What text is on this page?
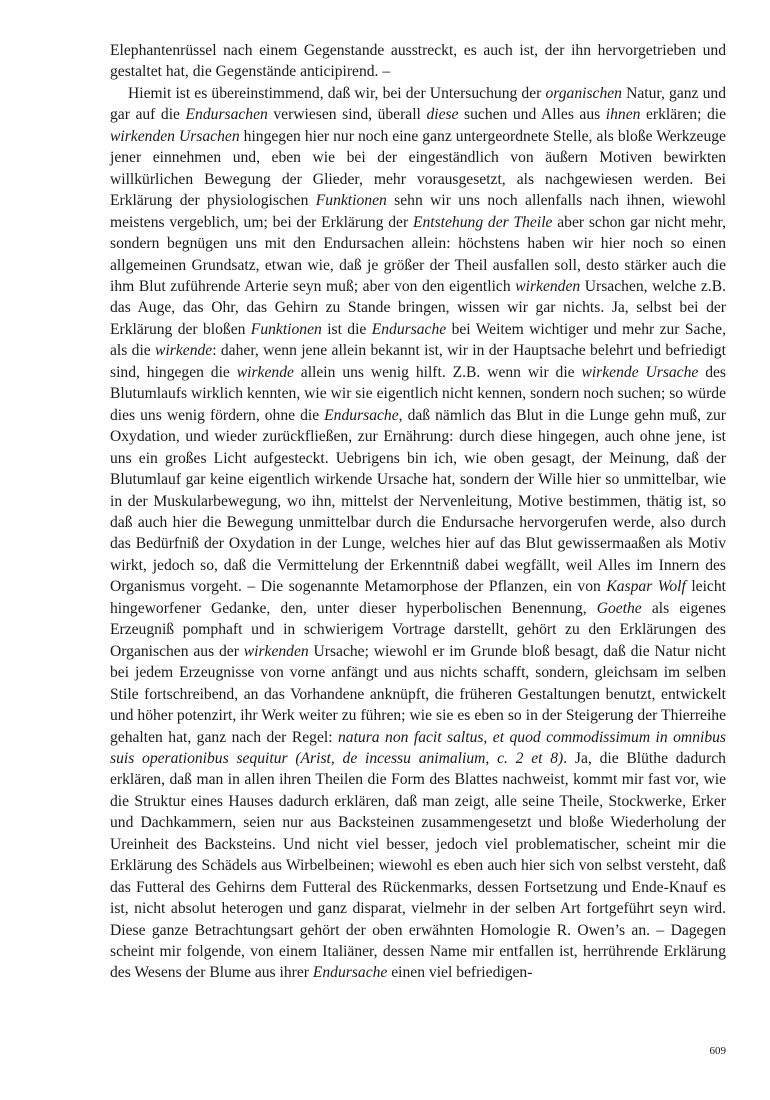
Elephantenrüssel nach einem Gegenstande ausstreckt, es auch ist, der ihn hervorgetrieben und gestaltet hat, die Gegenstände anticipirend. –

Hiemit ist es übereinstimmend, daß wir, bei der Untersuchung der organischen Natur, ganz und gar auf die Endursachen verwiesen sind, überall diese suchen und Alles aus ihnen erklären; die wirkenden Ursachen hingegen hier nur noch eine ganz untergeordnete Stelle, als bloße Werkzeuge jener einnehmen und, eben wie bei der eingeständlich von äußern Motiven bewirkten willkürlichen Bewegung der Glieder, mehr vorausgesetzt, als nachgewiesen werden. Bei Erklärung der physiologischen Funktionen sehn wir uns noch allenfalls nach ihnen, wiewohl meistens vergeblich, um; bei der Erklärung der Entstehung der Theile aber schon gar nicht mehr, sondern begnügen uns mit den Endursachen allein: höchstens haben wir hier noch so einen allgemeinen Grundsatz, etwan wie, daß je größer der Theil ausfallen soll, desto stärker auch die ihm Blut zuführende Arterie seyn muß; aber von den eigentlich wirkenden Ursachen, welche z.B. das Auge, das Ohr, das Gehirn zu Stande bringen, wissen wir gar nichts. Ja, selbst bei der Erklärung der bloßen Funktionen ist die Endursache bei Weitem wichtiger und mehr zur Sache, als die wirkende: daher, wenn jene allein bekannt ist, wir in der Hauptsache belehrt und befriedigt sind, hingegen die wirkende allein uns wenig hilft. Z.B. wenn wir die wirkende Ursache des Blutumlaufs wirklich kennten, wie wir sie eigentlich nicht kennen, sondern noch suchen; so würde dies uns wenig fördern, ohne die Endursache, daß nämlich das Blut in die Lunge gehn muß, zur Oxydation, und wieder zurückfließen, zur Ernährung: durch diese hingegen, auch ohne jene, ist uns ein großes Licht aufgesteckt. Uebrigens bin ich, wie oben gesagt, der Meinung, daß der Blutumlauf gar keine eigentlich wirkende Ursache hat, sondern der Wille hier so unmittelbar, wie in der Muskularbewegung, wo ihn, mittelst der Nervenleitung, Motive bestimmen, thätig ist, so daß auch hier die Bewegung unmittelbar durch die Endursache hervorgerufen werde, also durch das Bedürfniß der Oxydation in der Lunge, welches hier auf das Blut gewissermaaßen als Motiv wirkt, jedoch so, daß die Vermittelung der Erkenntniß dabei wegfällt, weil Alles im Innern des Organismus vorgeht. – Die sogenannte Metamorphose der Pflanzen, ein von Kaspar Wolf leicht hingeworfener Gedanke, den, unter dieser hyperbolischen Benennung, Goethe als eigenes Erzeugniß pomphaft und in schwierigem Vortrage darstellt, gehört zu den Erklärungen des Organischen aus der wirkenden Ursache; wiewohl er im Grunde bloß besagt, daß die Natur nicht bei jedem Erzeugnisse von vorne anfängt und aus nichts schafft, sondern, gleichsam im selben Stile fortschreibend, an das Vorhandene anknüpft, die früheren Gestaltungen benutzt, entwickelt und höher potenzirt, ihr Werk weiter zu führen; wie sie es eben so in der Steigerung der Thierreihe gehalten hat, ganz nach der Regel: natura non facit saltus, et quod commodissimum in omnibus suis operationibus sequitur (Arist, de incessu animalium, c. 2 et 8). Ja, die Blüthe dadurch erklären, daß man in allen ihren Theilen die Form des Blattes nachweist, kommt mir fast vor, wie die Struktur eines Hauses dadurch erklären, daß man zeigt, alle seine Theile, Stockwerke, Erker und Dachkammern, seien nur aus Backsteinen zusammengesetzt und bloße Wiederholung der Ureinheit des Backsteins. Und nicht viel besser, jedoch viel problematischer, scheint mir die Erklärung des Schädels aus Wirbelbeinen; wiewohl es eben auch hier sich von selbst versteht, daß das Futteral des Gehirns dem Futteral des Rückenmarks, dessen Fortsetzung und Ende-Knauf es ist, nicht absolut heterogen und ganz disparat, vielmehr in der selben Art fortgeführt seyn wird. Diese ganze Betrachtungsart gehört der oben erwähnten Homologie R. Owen’s an. – Dagegen scheint mir folgende, von einem Italiäner, dessen Name mir entfallen ist, herrührende Erklärung des Wesens der Blume aus ihrer Endursache einen viel befriedigen-

609
